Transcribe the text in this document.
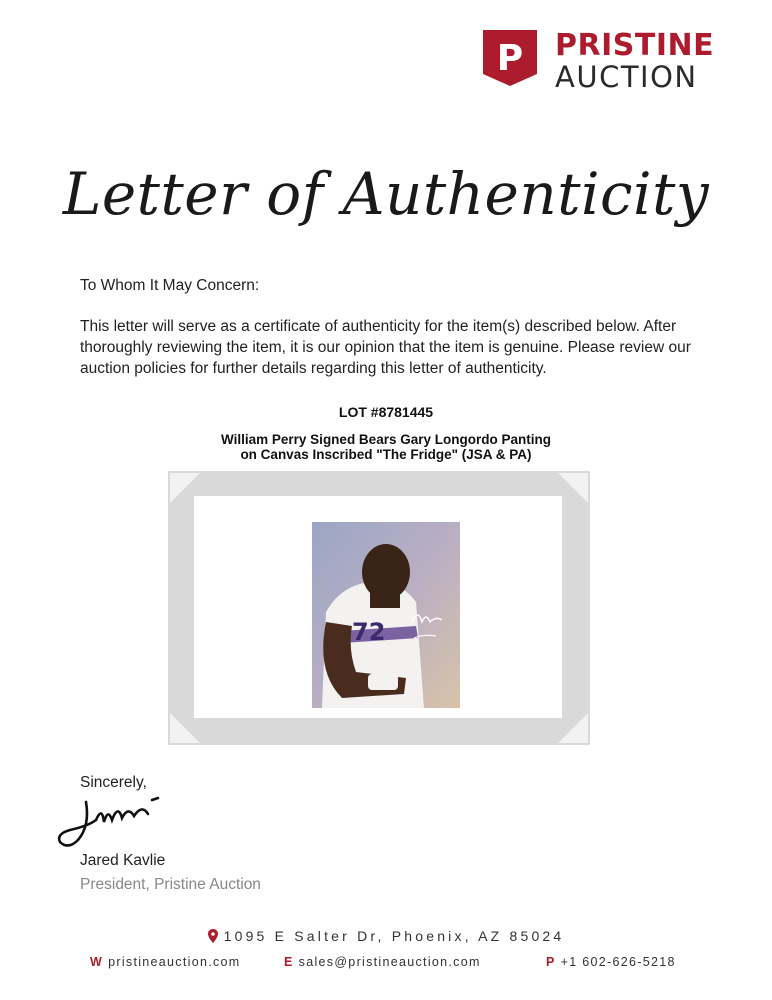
P PRISTINE
AUCTION
Letter of Authenticity
To Whom It May Concern:
This letter will serve as a certificate of authenticity for the item(s) described below. After thoroughly reviewing the item, it is our opinion that the item is genuine. Please review our auction policies for further details regarding this letter of authenticity.
LOT #8781445
William Perry Signed Bears Gary Longordo Panting
on Canvas Inscribed "The Fridge" (JSA & PA)
72
Sincerely,
Jared Kavlie
President, Pristine Auction
1095 E Salter Dr, Phoenix, AZ 85024
W pristineauction.com	E sales@pristineauction.com	P +1 602-626-5218
